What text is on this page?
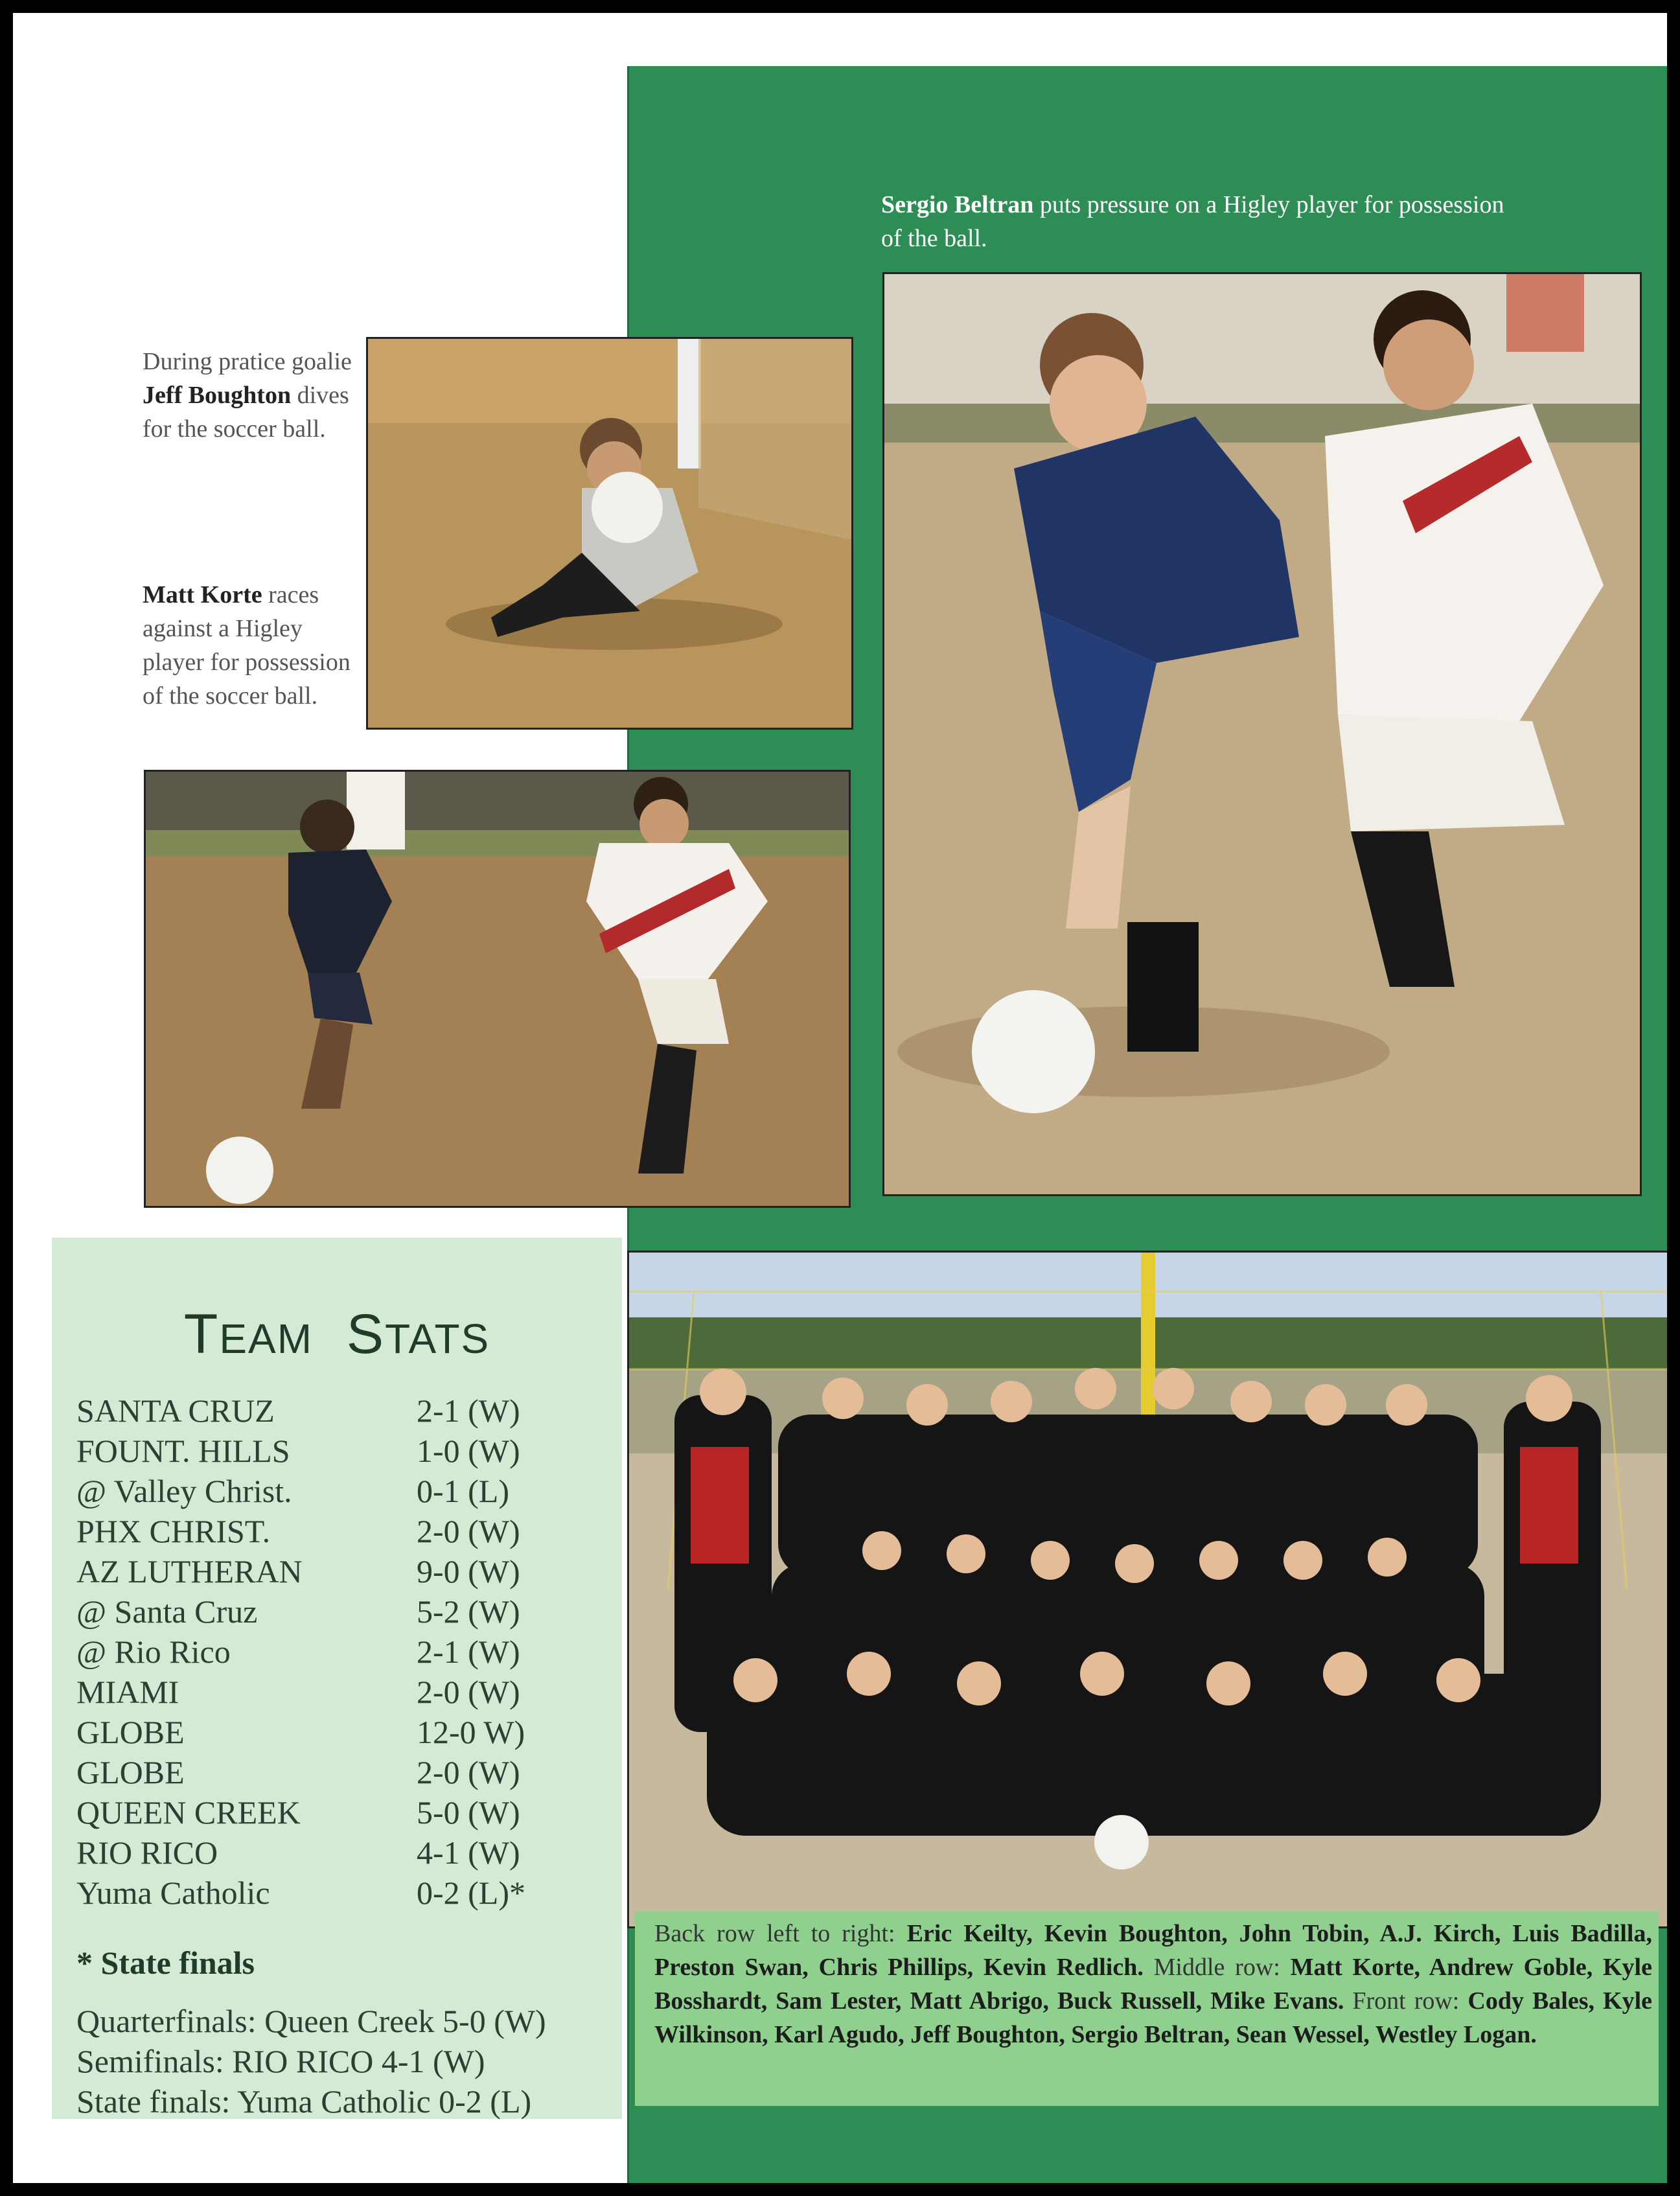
During pratice goalie Jeff Boughton dives for the soccer ball.
Matt Korte races against a Higley player for possession of the soccer ball.
Sergio Beltran puts pressure on a Higley player for possession of the ball.

Back row left to right: Eric Keilty, Kevin Boughton, John Tobin, A.J. Kirch, Luis Badilla, Preston Swan, Chris Phillips, Kevin Redlich. Middle row: Matt Korte, Andrew Goble, Kyle Bosshardt, Sam Lester, Matt Abrigo, Buck Russell, Mike Evans. Front row: Cody Bales, Kyle Wilkinson, Karl Agudo, Jeff Boughton, Sergio Beltran, Sean Wessel, Westley Logan.

TEAM STATS
SANTA CRUZ	2-1 (W)
FOUNT. HILLS	1-0 (W)
@ Valley Christ.	0-1 (L)
PHX CHRIST.	2-0 (W)
AZ LUTHERAN	9-0 (W)
@ Santa Cruz	5-2 (W)
@ Rio Rico	2-1 (W)
MIAMI	2-0 (W)
GLOBE	12-0 W)
GLOBE	2-0 (W)
QUEEN CREEK	5-0 (W)
RIO RICO	4-1 (W)
Yuma Catholic	0-2 (L)*
* State finals
Quarterfinals: Queen Creek 5-0 (W)
Semifinals: RIO RICO 4-1 (W)
State finals: Yuma Catholic 0-2 (L)
